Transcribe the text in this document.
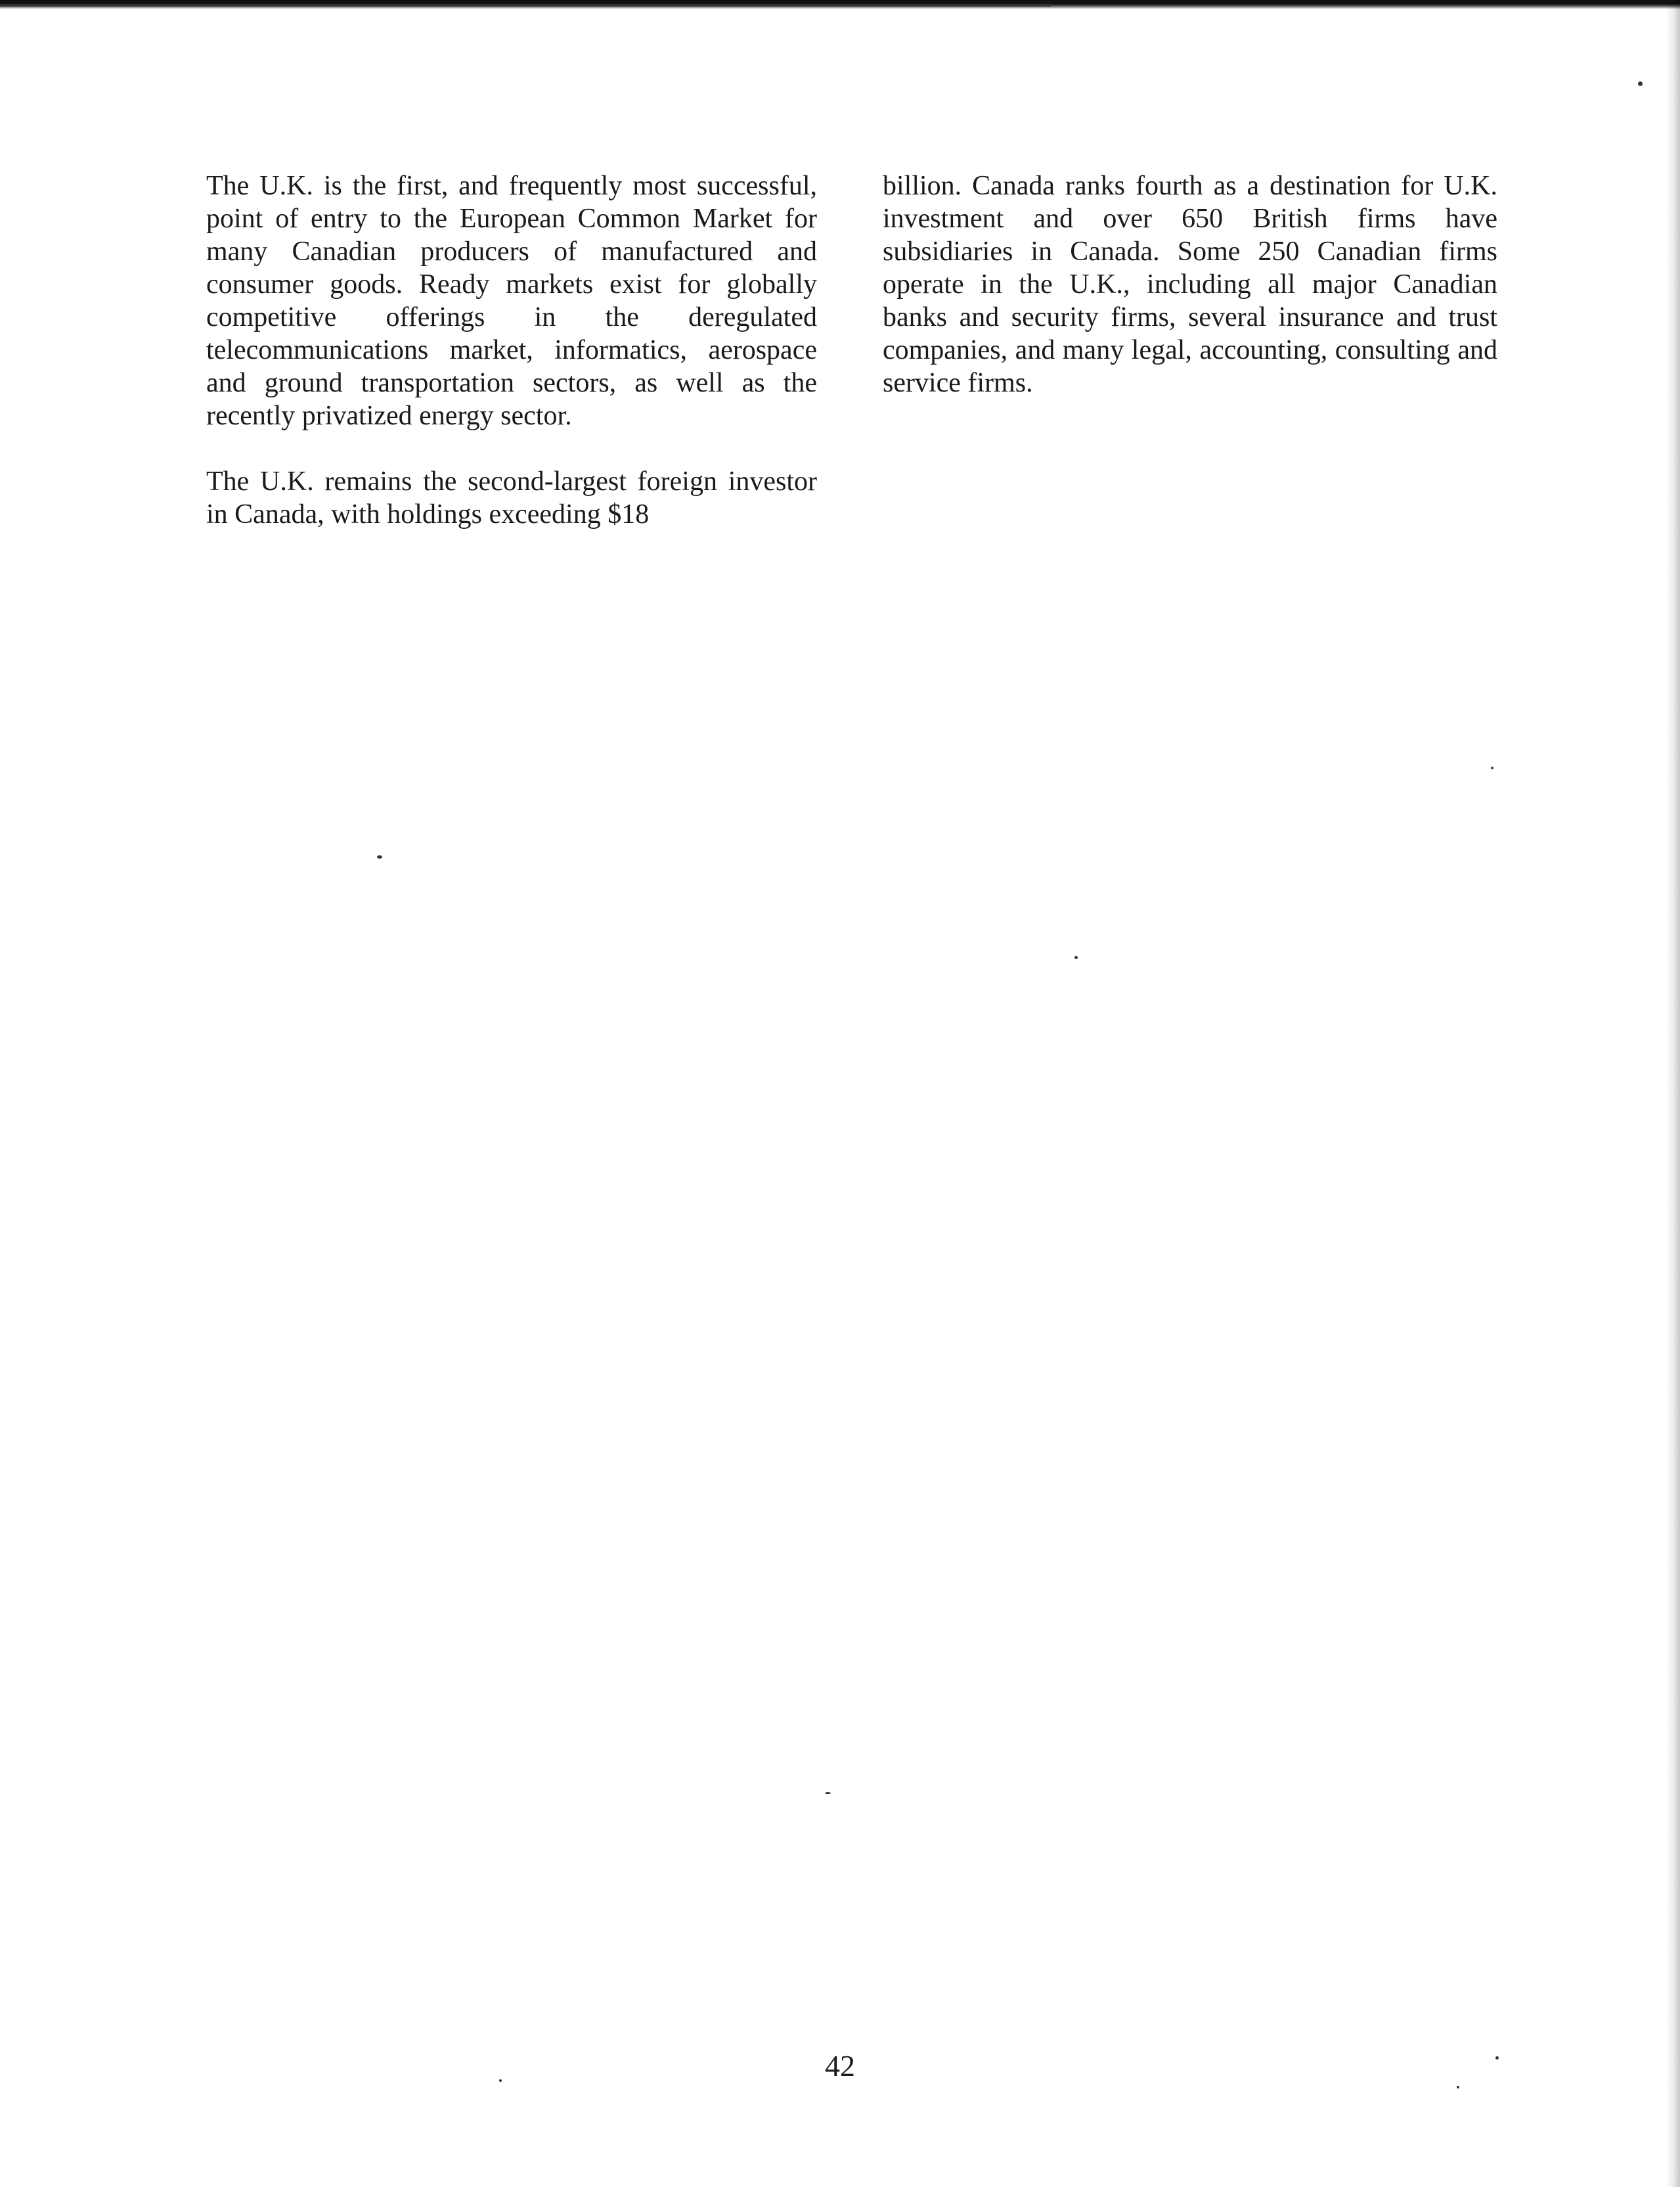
The U.K. is the first, and frequently most successful, point of entry to the European Common Market for many Canadian producers of manufactured and consumer goods. Ready markets exist for globally competitive offerings in the deregulated telecommunications market, informatics, aerospace and ground transportation sectors, as well as the recently privatized energy sector.

The U.K. remains the second-largest foreign investor in Canada, with holdings exceeding $18

billion. Canada ranks fourth as a destination for U.K. investment and over 650 British firms have subsidiaries in Canada. Some 250 Canadian firms operate in the U.K., including all major Canadian banks and security firms, several insurance and trust companies, and many legal, accounting, consulting and service firms.

42
